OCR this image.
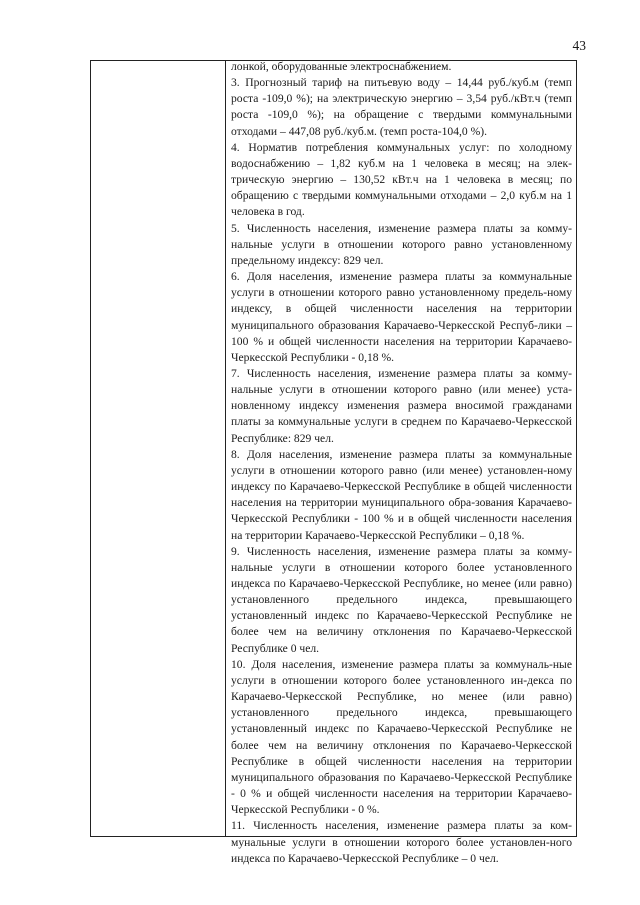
43

лонкой, оборудованные электроснабжением.

3. Прогнозный тариф на питьевую воду – 14,44 руб./куб.м (темп роста -109,0 %); на электрическую энергию – 3,54 руб./кВт.ч (темп роста -109,0 %); на обращение с твердыми коммунальными отходами – 447,08 руб./куб.м. (темп роста-104,0 %).

4. Норматив потребления коммунальных услуг: по холодному водоснабжению – 1,82 куб.м на 1 человека в месяц; на элек-трическую энергию – 130,52 кВт.ч на 1 человека в месяц; по обращению с твердыми коммунальными отходами – 2,0 куб.м на 1 человека в год.

5. Численность населения, изменение размера платы за комму-нальные услуги в отношении которого равно установленному предельному индексу: 829 чел.

6. Доля населения, изменение размера платы за коммунальные услуги в отношении которого равно установленному предель-ному индексу, в общей численности населения на территории муниципального образования Карачаево-Черкесской Респуб-лики –100 % и общей численности населения на территории Карачаево-Черкесской Республики - 0,18 %.

7. Численность населения, изменение размера платы за комму-нальные услуги в отношении которого равно (или менее) уста-новленному индексу изменения размера вносимой гражданами платы за коммунальные услуги в среднем по Карачаево-Черкесской Республике: 829 чел.

8. Доля населения, изменение размера платы за коммунальные услуги в отношении которого равно (или менее) установлен-ному индексу по Карачаево-Черкесской Республике в общей численности населения на территории муниципального обра-зования Карачаево-Черкесской Республики - 100 % и в общей численности населения на территории Карачаево-Черкесской Республики – 0,18 %.

9. Численность населения, изменение размера платы за комму-нальные услуги в отношении которого более установленного индекса по Карачаево-Черкесской Республике, но менее (или равно) установленного предельного индекса, превышающего установленный индекс по Карачаево-Черкесской Республике не более чем на величину отклонения по Карачаево-Черкесской Республике 0 чел.

10. Доля населения, изменение размера платы за коммуналь-ные услуги в отношении которого более установленного ин-декса по Карачаево-Черкесской Республике, но менее (или равно) установленного предельного индекса, превышающего установленный индекс по Карачаево-Черкесской Республике не более чем на величину отклонения по Карачаево-Черкесской Республике в общей численности населения на территории муниципального образования по Карачаево-Черкесской Республике - 0 % и общей численности населения на территории Карачаево-Черкесской Республики - 0 %.

11. Численность населения, изменение размера платы за ком-мунальные услуги в отношении которого более установлен-ного индекса по Карачаево-Черкесской Республике – 0 чел.
